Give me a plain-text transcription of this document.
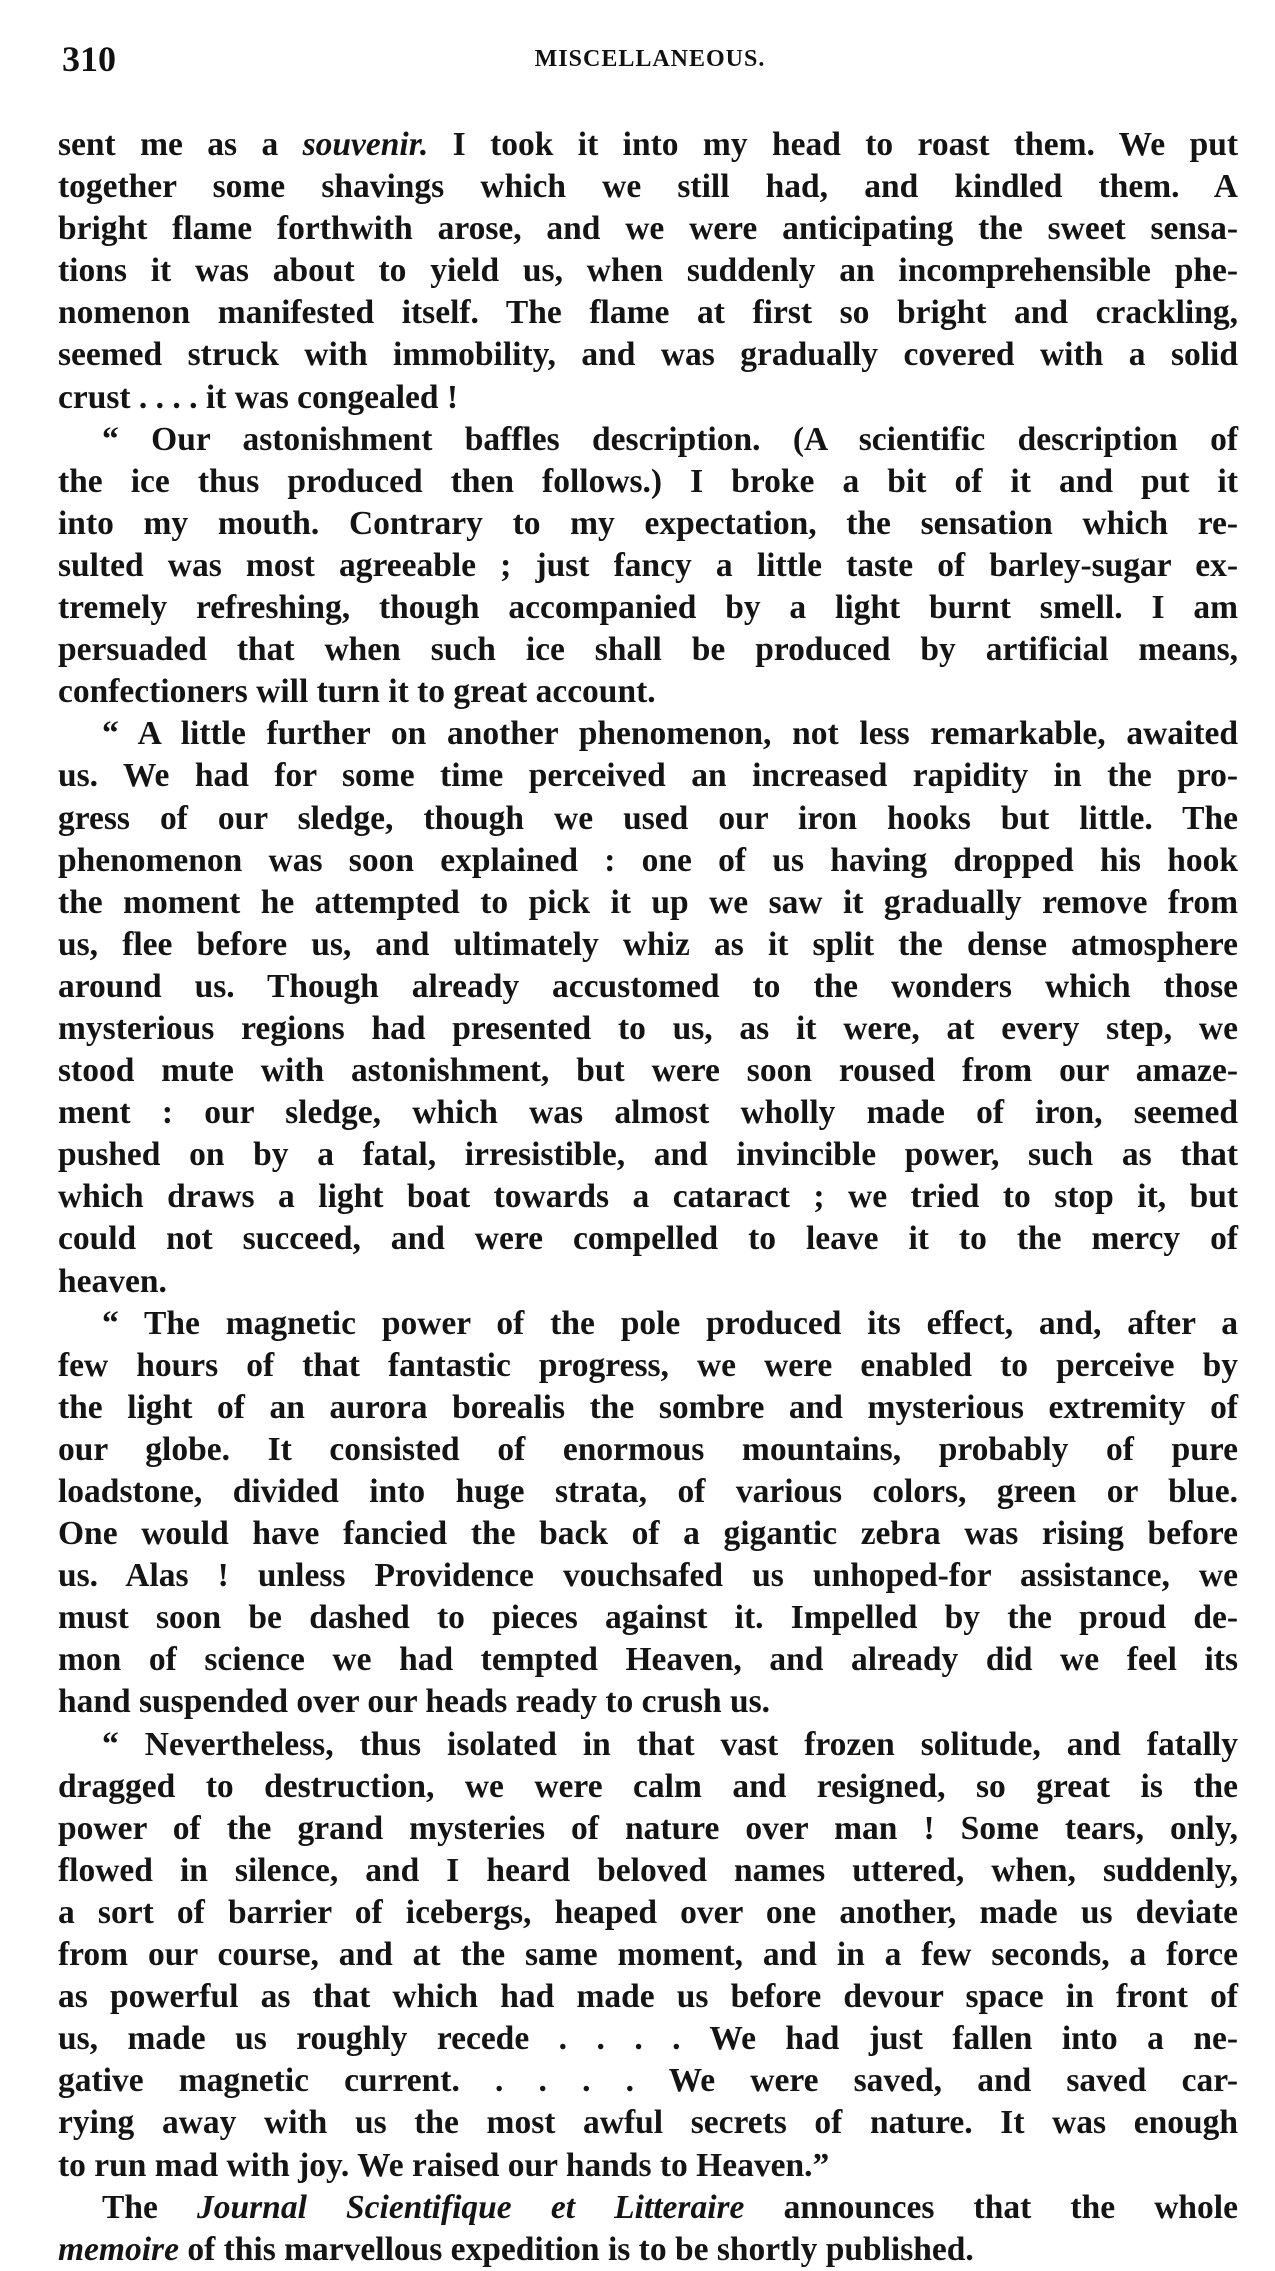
310	MISCELLANEOUS.
sent me as a souvenir. I took it into my head to roast them. We put
together some shavings which we still had, and kindled them. A
bright flame forthwith arose, and we were anticipating the sweet sensa-
tions it was about to yield us, when suddenly an incomprehensible phe-
nomenon manifested itself. The flame at first so bright and crackling,
seemed struck with immobility, and was gradually covered with a solid
crust . . . . it was congealed !
“ Our astonishment baffles description. (A scientific description of
the ice thus produced then follows.) I broke a bit of it and put it
into my mouth. Contrary to my expectation, the sensation which re-
sulted was most agreeable ; just fancy a little taste of barley-sugar ex-
tremely refreshing, though accompanied by a light burnt smell. I am
persuaded that when such ice shall be produced by artificial means,
confectioners will turn it to great account.
“ A little further on another phenomenon, not less remarkable, awaited
us. We had for some time perceived an increased rapidity in the pro-
gress of our sledge, though we used our iron hooks but little. The
phenomenon was soon explained : one of us having dropped his hook
the moment he attempted to pick it up we saw it gradually remove from
us, flee before us, and ultimately whiz as it split the dense atmosphere
around us. Though already accustomed to the wonders which those
mysterious regions had presented to us, as it were, at every step, we
stood mute with astonishment, but were soon roused from our amaze-
ment : our sledge, which was almost wholly made of iron, seemed
pushed on by a fatal, irresistible, and invincible power, such as that
which draws a light boat towards a cataract ; we tried to stop it, but
could not succeed, and were compelled to leave it to the mercy of
heaven.
“ The magnetic power of the pole produced its effect, and, after a
few hours of that fantastic progress, we were enabled to perceive by
the light of an aurora borealis the sombre and mysterious extremity of
our globe. It consisted of enormous mountains, probably of pure
loadstone, divided into huge strata, of various colors, green or blue.
One would have fancied the back of a gigantic zebra was rising before
us. Alas ! unless Providence vouchsafed us unhoped-for assistance, we
must soon be dashed to pieces against it. Impelled by the proud de-
mon of science we had tempted Heaven, and already did we feel its
hand suspended over our heads ready to crush us.
“ Nevertheless, thus isolated in that vast frozen solitude, and fatally
dragged to destruction, we were calm and resigned, so great is the
power of the grand mysteries of nature over man ! Some tears, only,
flowed in silence, and I heard beloved names uttered, when, suddenly,
a sort of barrier of icebergs, heaped over one another, made us deviate
from our course, and at the same moment, and in a few seconds, a force
as powerful as that which had made us before devour space in front of
us, made us roughly recede . . . . We had just fallen into a ne-
gative magnetic current. . . . . We were saved, and saved car-
rying away with us the most awful secrets of nature. It was enough
to run mad with joy. We raised our hands to Heaven.”
The Journal Scientifique et Litteraire announces that the whole
memoire of this marvellous expedition is to be shortly published.
